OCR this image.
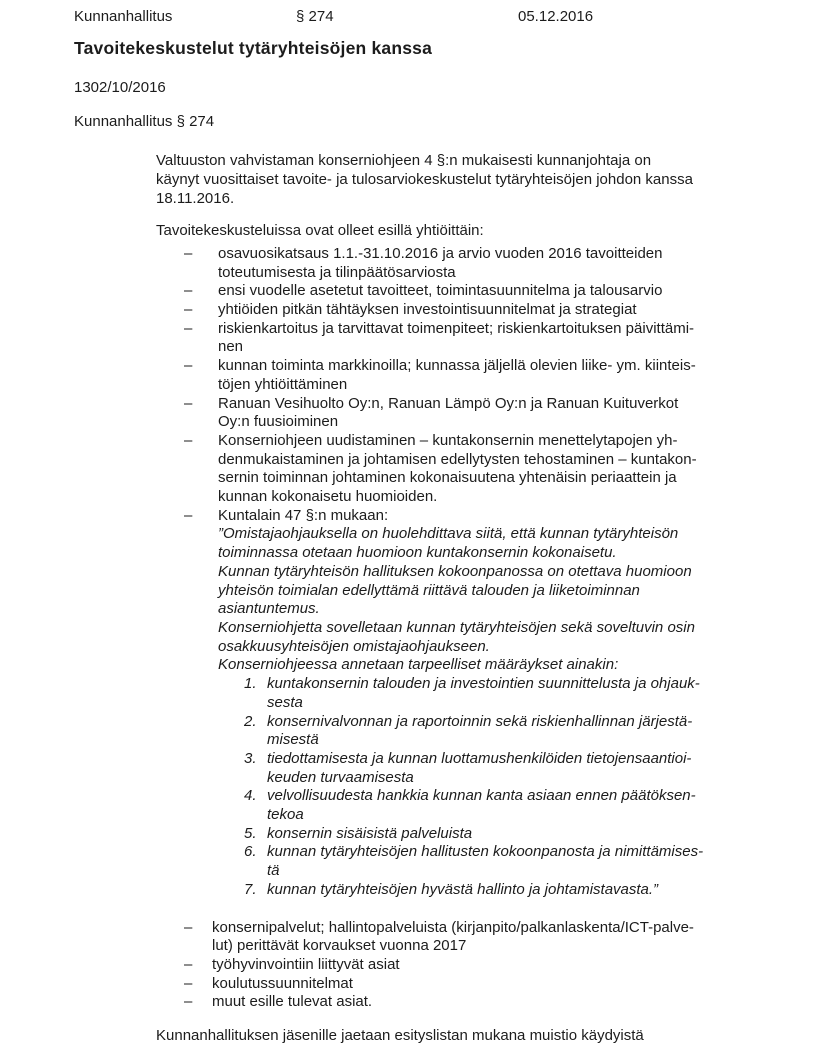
Kunnanhallitus	§ 274	05.12.2016
Tavoitekeskustelut tytäryhteisöjen kanssa
1302/10/2016
Kunnanhallitus § 274
Valtuuston vahvistaman konserniohjeen 4 §:n mukaisesti kunnanjohtaja on
käynyt vuosittaiset tavoite- ja tulosarviokeskustelut tytäryhteisöjen johdon kanssa
18.11.2016.
Tavoitekeskusteluissa ovat olleet esillä yhtiöittäin:
–	osavuosikatsaus 1.1.-31.10.2016 ja arvio vuoden 2016 tavoitteiden
toteutumisesta ja tilinpäätösarviosta
–	ensi vuodelle asetetut tavoitteet, toimintasuunnitelma ja talousarvio
–	yhtiöiden pitkän tähtäyksen investointisuunnitelmat ja strategiat
–	riskienkartoitus ja tarvittavat toimenpiteet; riskienkartoituksen päivittämi-
nen
–	kunnan toiminta markkinoilla; kunnassa jäljellä olevien liike- ym. kiinteis-
töjen yhtiöittäminen
–	Ranuan Vesihuolto Oy:n, Ranuan Lämpö Oy:n ja Ranuan Kuituverkot
Oy:n fuusioiminen
–	Konserniohjeen uudistaminen – kuntakonsernin menettelytapojen yh-
denmukaistaminen ja johtamisen edellytysten tehostaminen – kuntakon-
sernin toiminnan johtaminen kokonaisuutena yhtenäisin periaattein ja
kunnan kokonaisetu huomioiden.
–	Kuntalain 47 §:n mukaan:
”Omistajaohjauksella on huolehdittava siitä, että kunnan tytäryhteisön
toiminnassa otetaan huomioon kuntakonsernin kokonaisetu.
Kunnan tytäryhteisön hallituksen kokoonpanossa on otettava huomioon
yhteisön toimialan edellyttämä riittävä talouden ja liiketoiminnan
asiantuntemus.
Konserniohjetta sovelletaan kunnan tytäryhteisöjen sekä soveltuvin osin
osakkuusyhteisöjen omistajaohjaukseen.
Konserniohjeessa annetaan tarpeelliset määräykset ainakin:
1. kuntakonsernin talouden ja investointien suunnittelusta ja ohjauk-
sesta
2. konsernivalvonnan ja raportoinnin sekä riskienhallinnan järjestä-
misestä
3. tiedottamisesta ja kunnan luottamushenkilöiden tietojensaantioi-
keuden turvaamisesta
4. velvollisuudesta hankkia kunnan kanta asiaan ennen päätöksen-
tekoa
5. konsernin sisäisistä palveluista
6. kunnan tytäryhteisöjen hallitusten kokoonpanosta ja nimittämises-
tä
7. kunnan tytäryhteisöjen hyvästä hallinto ja johtamistavasta.”
–	konsernipalvelut; hallintopalveluista (kirjanpito/palkanlaskenta/ICT-palve-
lut) perittävät korvaukset vuonna 2017
–	työhyvinvointiin liittyvät asiat
–	koulutussuunnitelmat
–	muut esille tulevat asiat.
Kunnanhallituksen jäsenille jaetaan esityslistan mukana muistio käydyistä
